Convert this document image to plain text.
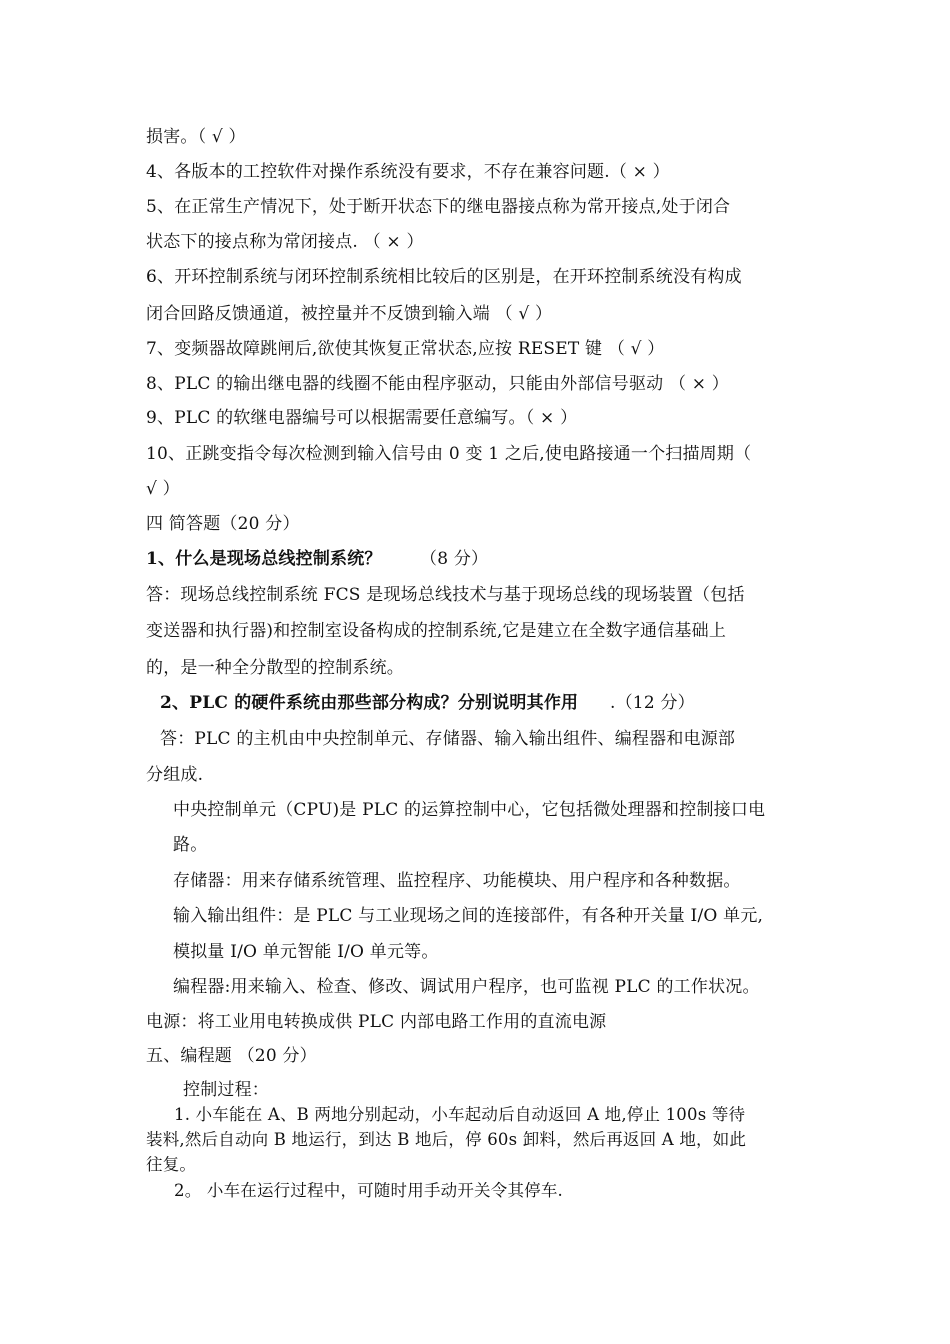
损害。（ √ ）

4、各版本的工控软件对操作系统没有要求，不存在兼容问题.（ × ）

5、在正常生产情况下，处于断开状态下的继电器接点称为常开接点,处于闭合

状态下的接点称为常闭接点. （ × ）

6、开环控制系统与闭环控制系统相比较后的区别是，在开环控制系统没有构成

闭合回路反馈通道，被控量并不反馈到输入端 （ √ ）

7、变频器故障跳闸后,欲使其恢复正常状态,应按 RESET 键 （ √ ）

8、PLC 的输出继电器的线圈不能由程序驱动，只能由外部信号驱动 （ × ）

9、PLC 的软继电器编号可以根据需要任意编写。（ × ）

10、正跳变指令每次检测到输入信号由 0 变 1 之后,使电路接通一个扫描周期（

√ ）

四 简答题（20 分）

1、什么是现场总线控制系统？ （8 分）

答：现场总线控制系统 FCS 是现场总线技术与基于现场总线的现场装置（包括

变送器和执行器)和控制室设备构成的控制系统,它是建立在全数字通信基础上

的，是一种全分散型的控制系统。

2、PLC 的硬件系统由那些部分构成？分别说明其作用 .（12 分）

答：PLC 的主机由中央控制单元、存储器、输入输出组件、编程器和电源部

分组成.

中央控制单元（CPU)是 PLC 的运算控制中心，它包括微处理器和控制接口电

路。

存储器：用来存储系统管理、监控程序、功能模块、用户程序和各种数据。

输入输出组件：是 PLC 与工业现场之间的连接部件，有各种开关量 I/O 单元,

模拟量 I/O 单元智能 I/O 单元等。

编程器:用来输入、检查、修改、调试用户程序，也可监视 PLC 的工作状况。

电源：将工业用电转换成供 PLC 内部电路工作用的直流电源

五、编程题 （20 分）

控制过程：

1. 小车能在 A、B 两地分别起动，小车起动后自动返回 A 地,停止 100s 等待

装料,然后自动向 B 地运行，到达 B 地后，停 60s 卸料，然后再返回 A 地，如此

往复。

2。 小车在运行过程中，可随时用手动开关令其停车.
